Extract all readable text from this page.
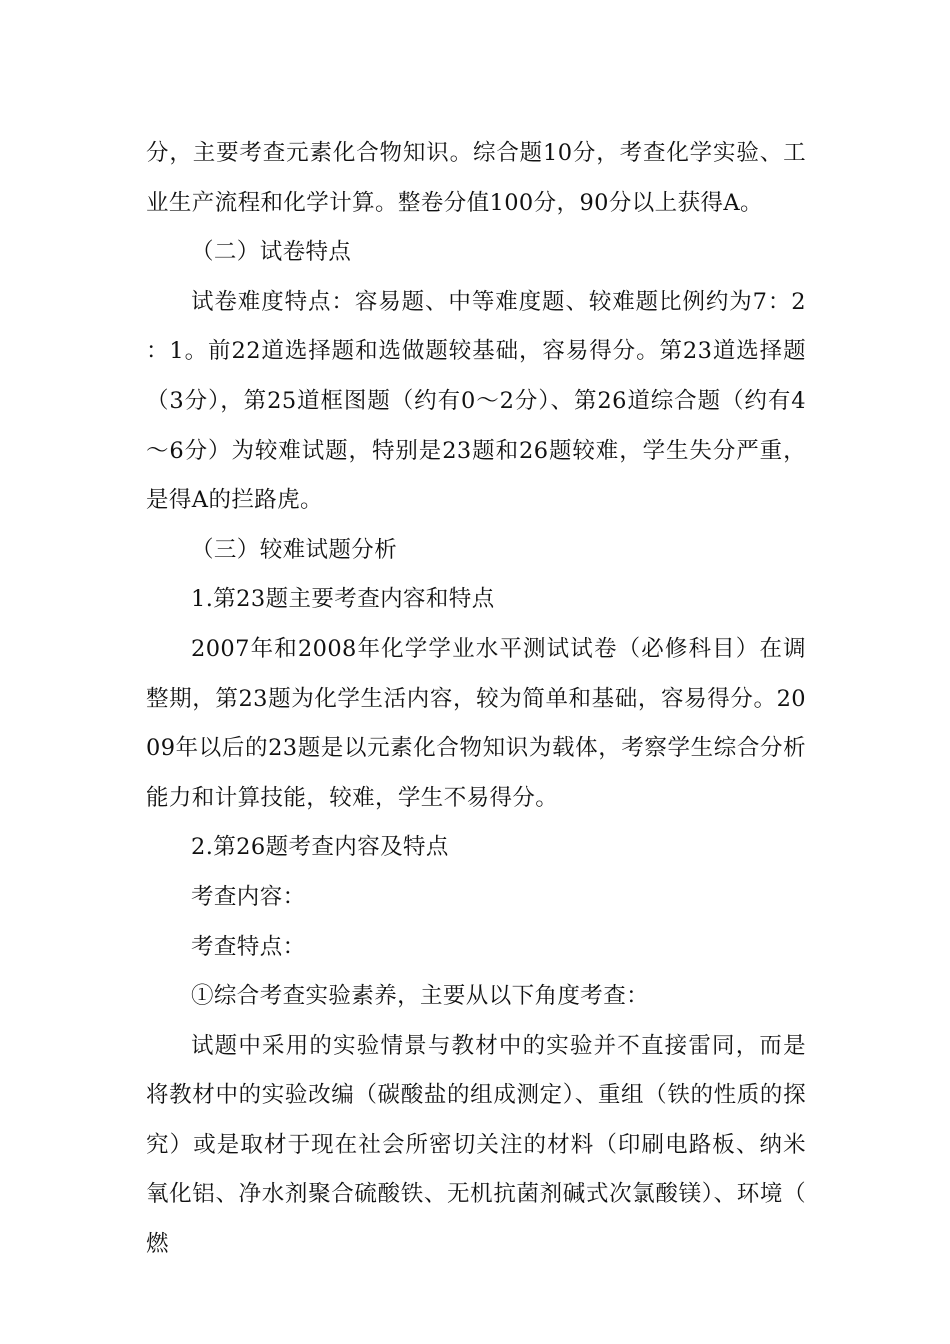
分，主要考查元素化合物知识。综合题10分，考查化学实验、工业生产流程和化学计算。整卷分值100分，90分以上获得A。

（二）试卷特点

试卷难度特点：容易题、中等难度题、较难题比例约为7：2：1。前22道选择题和选做题较基础，容易得分。第23道选择题（3分），第25道框图题（约有0～2分）、第26道综合题（约有4～6分）为较难试题，特别是23题和26题较难，学生失分严重，是得A的拦路虎。

（三）较难试题分析

1.第23题主要考查内容和特点

2007年和2008年化学学业水平测试试卷（必修科目）在调整期，第23题为化学生活内容，较为简单和基础，容易得分。2009年以后的23题是以元素化合物知识为载体，考察学生综合分析能力和计算技能，较难，学生不易得分。

2.第26题考查内容及特点

考查内容：

考查特点：

①综合考查实验素养，主要从以下角度考查：

试题中采用的实验情景与教材中的实验并不直接雷同，而是将教材中的实验改编（碳酸盐的组成测定）、重组（铁的性质的探究）或是取材于现在社会所密切关注的材料（印刷电路板、纳米氧化铝、净水剂聚合硫酸铁、无机抗菌剂碱式次氯酸镁）、环境（燃
